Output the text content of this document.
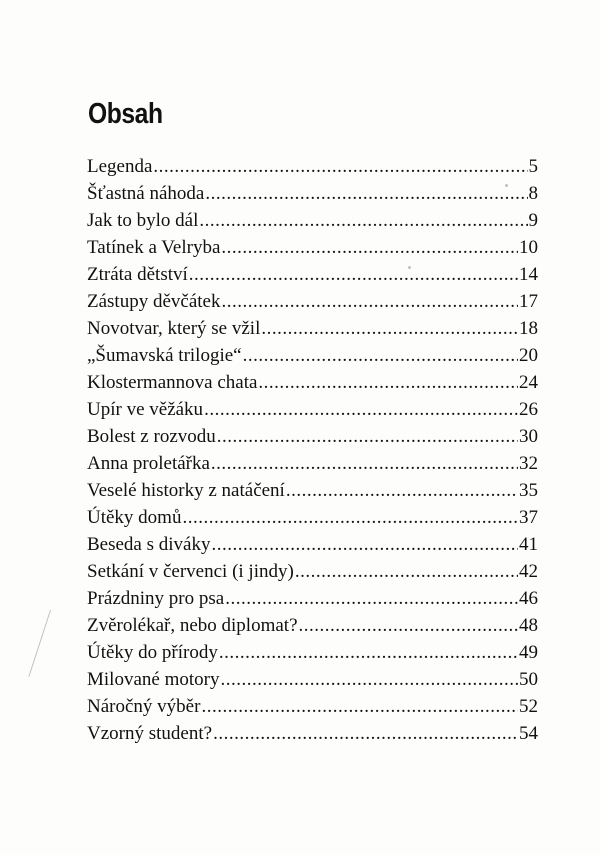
Obsah
Legenda .....	5
Šťastná náhoda .....	8
Jak to bylo dál .....	9
Tatínek a Velryba .....	10
Ztráta dětství .....	14
Zástupy děvčátek .....	17
Novotvar, který se vžil .....	18
„Šumavská trilogie“ .....	20
Klostermannova chata .....	24
Upír ve věžáku .....	26
Bolest z rozvodu .....	30
Anna proletářka .....	32
Veselé historky z natáčení .....	35
Útěky domů .....	37
Beseda s diváky .....	41
Setkání v červenci (i jindy) .....	42
Prázdniny pro psa .....	46
Zvěrolékař, nebo diplomat? .....	48
Útěky do přírody .....	49
Milované motory .....	50
Náročný výběr .....	52
Vzorný student? .....	54
